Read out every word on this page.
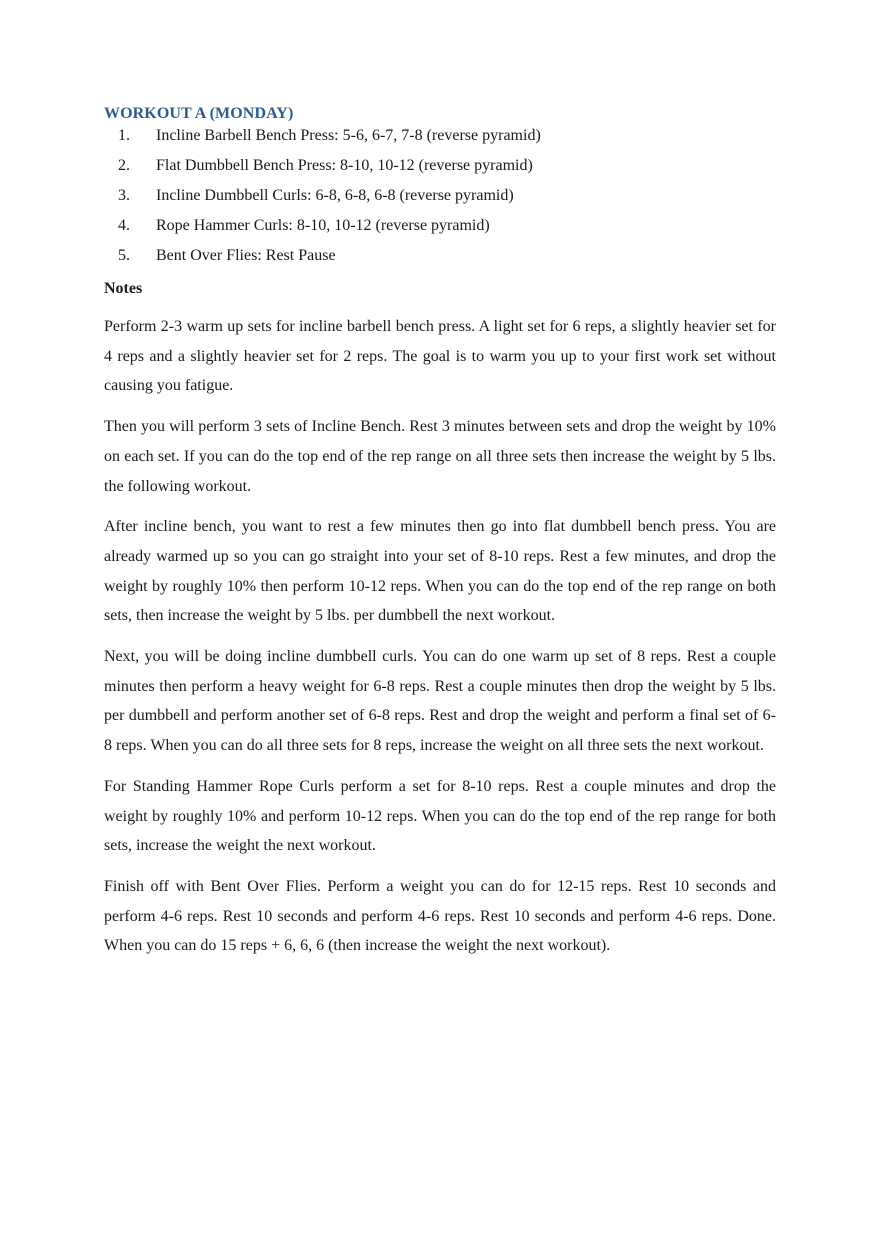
WORKOUT A (MONDAY)
1.	Incline Barbell Bench Press: 5-6, 6-7, 7-8 (reverse pyramid)
2.	Flat Dumbbell Bench Press: 8-10, 10-12 (reverse pyramid)
3.	Incline Dumbbell Curls: 6-8, 6-8, 6-8 (reverse pyramid)
4.	Rope Hammer Curls: 8-10, 10-12 (reverse pyramid)
5.	Bent Over Flies: Rest Pause
Notes

Perform 2-3 warm up sets for incline barbell bench press. A light set for 6 reps, a slightly heavier set for 4 reps and a slightly heavier set for 2 reps. The goal is to warm you up to your first work set without causing you fatigue.

Then you will perform 3 sets of Incline Bench. Rest 3 minutes between sets and drop the weight by 10% on each set. If you can do the top end of the rep range on all three sets then increase the weight by 5 lbs. the following workout.

After incline bench, you want to rest a few minutes then go into flat dumbbell bench press. You are already warmed up so you can go straight into your set of 8-10 reps. Rest a few minutes, and drop the weight by roughly 10% then perform 10-12 reps. When you can do the top end of the rep range on both sets, then increase the weight by 5 lbs. per dumbbell the next workout.

Next, you will be doing incline dumbbell curls. You can do one warm up set of 8 reps. Rest a couple minutes then perform a heavy weight for 6-8 reps. Rest a couple minutes then drop the weight by 5 lbs. per dumbbell and perform another set of 6-8 reps. Rest and drop the weight and perform a final set of 6-8 reps. When you can do all three sets for 8 reps, increase the weight on all three sets the next workout.

For Standing Hammer Rope Curls perform a set for 8-10 reps. Rest a couple minutes and drop the weight by roughly 10% and perform 10-12 reps. When you can do the top end of the rep range for both sets, increase the weight the next workout.

Finish off with Bent Over Flies. Perform a weight you can do for 12-15 reps. Rest 10 seconds and perform 4-6 reps. Rest 10 seconds and perform 4-6 reps. Rest 10 seconds and perform 4-6 reps. Done. When you can do 15 reps + 6, 6, 6 (then increase the weight the next workout).
